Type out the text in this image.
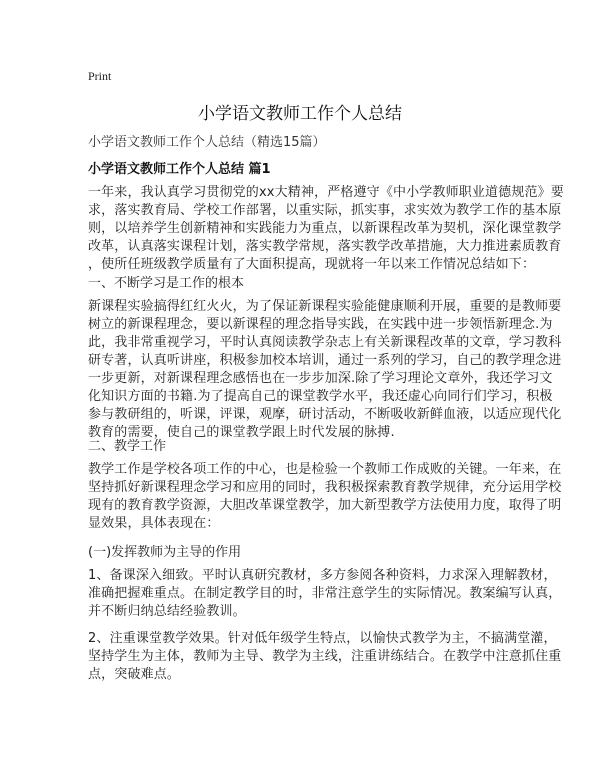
Print
小学语文教师工作个人总结
小学语文教师工作个人总结（精选15篇）
小学语文教师工作个人总结 篇1
一年来，我认真学习贯彻党的xx大精神，严格遵守《中小学教师职业道德规范》要
求，落实教育局、学校工作部署，以重实际，抓实事，求实效为教学工作的基本原
则，以培养学生创新精神和实践能力为重点，以新课程改革为契机，深化课堂教学
改革，认真落实课程计划，落实教学常规，落实教学改革措施，大力推进素质教育
，使所任班级教学质量有了大面积提高，现就将一年以来工作情况总结如下：
一、不断学习是工作的根本
新课程实验搞得红红火火，为了保证新课程实验能健康顺利开展，重要的是教师要
树立的新课程理念，要以新课程的理念指导实践，在实践中进一步领悟新理念.为
此，我非常重视学习，平时认真阅读教学杂志上有关新课程改革的文章，学习教科
研专著，认真听讲座，积极参加校本培训，通过一系列的学习，自己的教学理念进
一步更新，对新课程理念感悟也在一步步加深.除了学习理论文章外，我还学习文
化知识方面的书籍.为了提高自己的课堂教学水平，我还虚心向同行们学习，积极
参与教研组的，听课，评课，观摩，研讨活动，不断吸收新鲜血液，以适应现代化
教育的需要，使自己的课堂教学跟上时代发展的脉搏.
二、教学工作
教学工作是学校各项工作的中心，也是检验一个教师工作成败的关键。一年来，在
坚持抓好新课程理念学习和应用的同时，我积极探索教育教学规律，充分运用学校
现有的教育教学资源，大胆改革课堂教学，加大新型教学方法使用力度，取得了明
显效果，具体表现在：
(一)发挥教师为主导的作用
1、备课深入细致。平时认真研究教材，多方参阅各种资料，力求深入理解教材，
准确把握难重点。在制定教学目的时，非常注意学生的实际情况。教案编写认真，
并不断归纳总结经验教训。
2、注重课堂教学效果。针对低年级学生特点，以愉快式教学为主，不搞满堂灌，
坚持学生为主体，教师为主导、教学为主线，注重讲练结合。在教学中注意抓住重
点，突破难点。
